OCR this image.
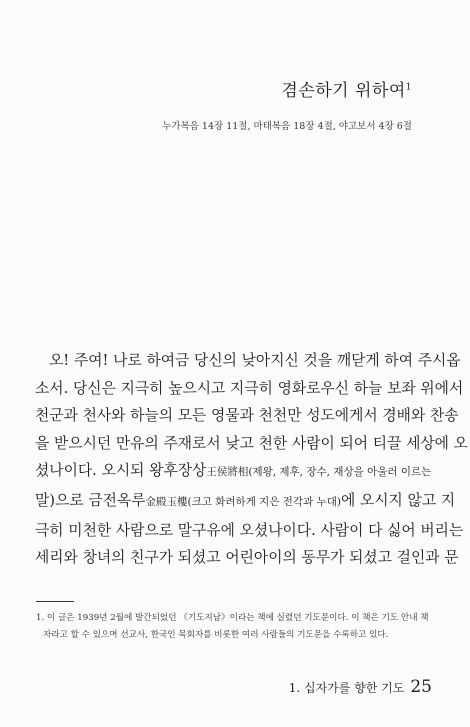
겸손하기 위하여$^1$
누가복음 14장 11절, 마태복음 18장 4절, 야고보서 4장 6절
오! 주여! 나로 하여금 당신의 낮아지신 것을 깨닫게 하여 주시옵
소서. 당신은 지극히 높으시고 지극히 영화로우신 하늘 보좌 위에서
천군과 천사와 하늘의 모든 영물과 천천만 성도에게서 경배와 찬송
을 받으시던 만유의 주재로서 낮고 천한 사람이 되어 티끌 세상에 오
셨나이다. 오시되 왕후장상王侯將相(제왕, 제후, 장수, 재상을 아울러 이르는
말)으로 금전옥루金殿玉樓(크고 화려하게 지은 전각과 누대)에 오시지 않고 지
극히 미천한 사람으로 말구유에 오셨나이다. 사람이 다 싫어 버리는
세리와 창녀의 친구가 되셨고 어린아이의 동무가 되셨고 걸인과 문
1. 이 글은 1939년 2월에 발간되었던 《기도지남》이라는 책에 실렸던 기도문이다. 이 책은 기도 안내 책
자라고 할 수 있으며 선교사, 한국인 목회자를 비롯한 여러 사람들의 기도문을 수록하고 있다.
1. 십자가를 향한 기도 25
